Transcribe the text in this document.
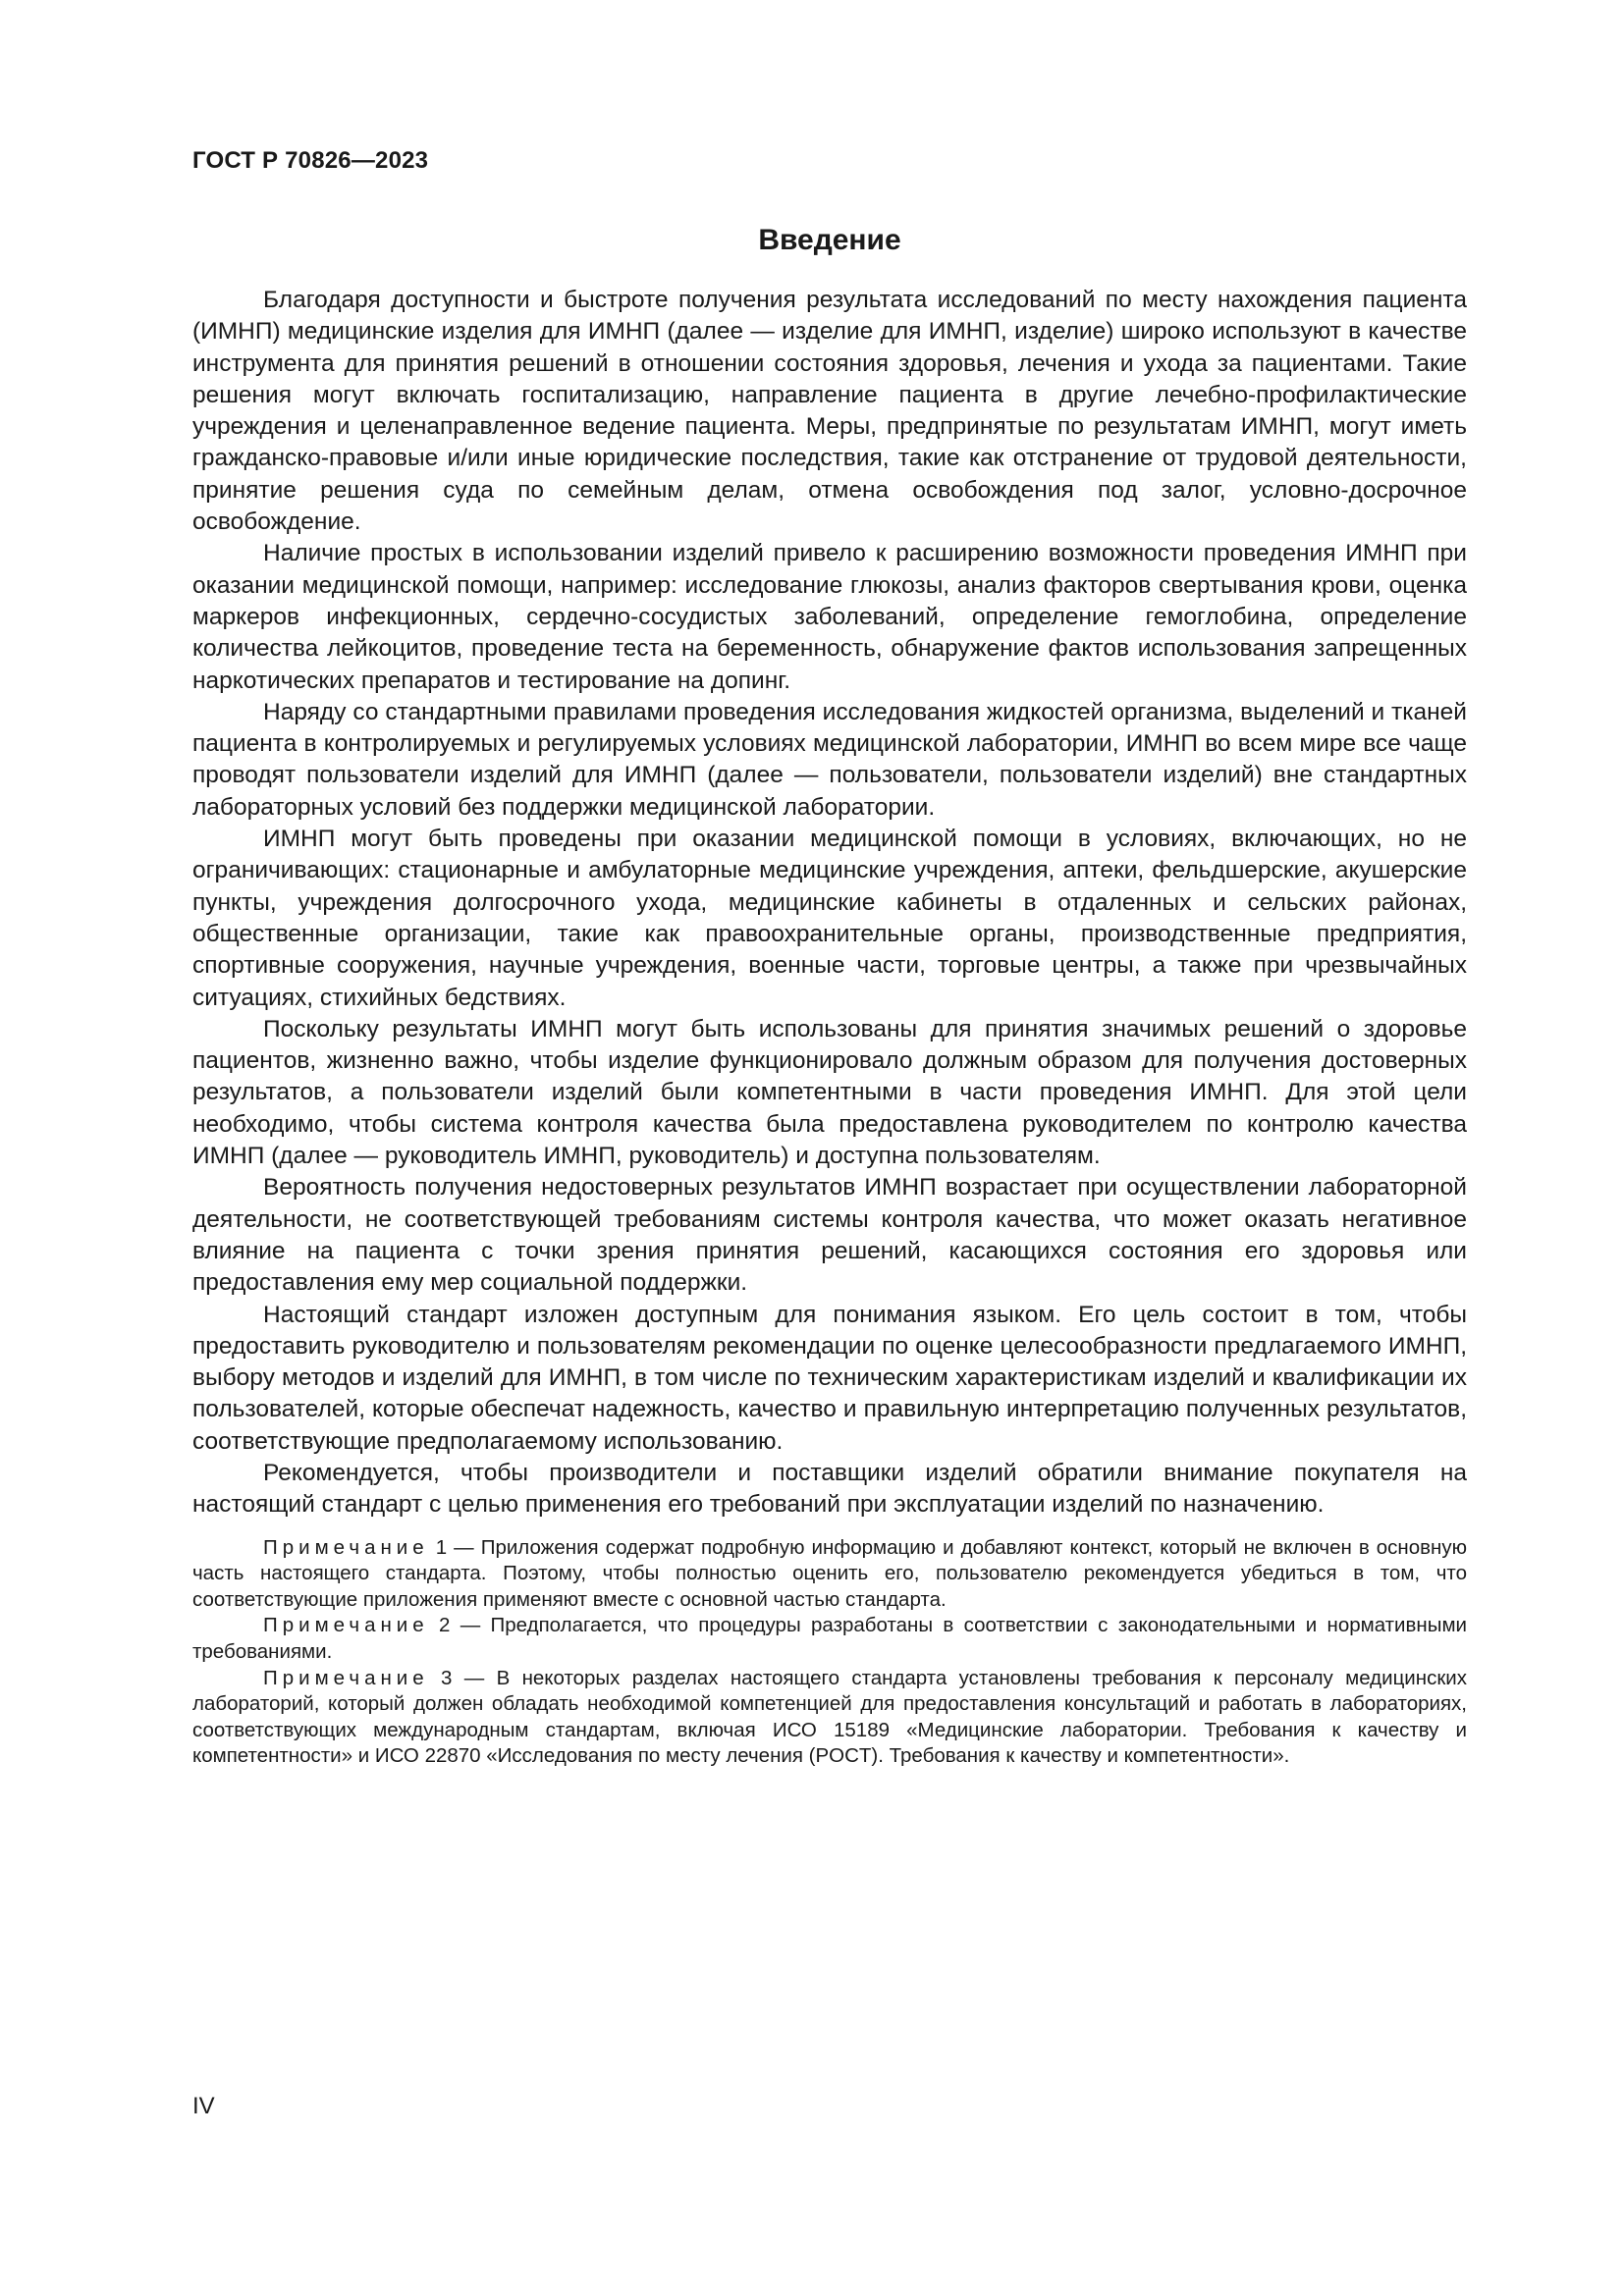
ГОСТ Р 70826—2023
Введение

Благодаря доступности и быстроте получения результата исследований по месту нахождения пациента (ИМНП) медицинские изделия для ИМНП (далее — изделие для ИМНП, изделие) широко используют в качестве инструмента для принятия решений в отношении состояния здоровья, лечения и ухода за пациентами. Такие решения могут включать госпитализацию, направление пациента в другие лечебно-профилактические учреждения и целенаправленное ведение пациента. Меры, предпринятые по результатам ИМНП, могут иметь гражданско-правовые и/или иные юридические последствия, такие как отстранение от трудовой деятельности, принятие решения суда по семейным делам, отмена освобождения под залог, условно-досрочное освобождение.

Наличие простых в использовании изделий привело к расширению возможности проведения ИМНП при оказании медицинской помощи, например: исследование глюкозы, анализ факторов свертывания крови, оценка маркеров инфекционных, сердечно-сосудистых заболеваний, определение гемоглобина, определение количества лейкоцитов, проведение теста на беременность, обнаружение фактов использования запрещенных наркотических препаратов и тестирование на допинг.

Наряду со стандартными правилами проведения исследования жидкостей организма, выделений и тканей пациента в контролируемых и регулируемых условиях медицинской лаборатории, ИМНП во всем мире все чаще проводят пользователи изделий для ИМНП (далее — пользователи, пользователи изделий) вне стандартных лабораторных условий без поддержки медицинской лаборатории.

ИМНП могут быть проведены при оказании медицинской помощи в условиях, включающих, но не ограничивающих: стационарные и амбулаторные медицинские учреждения, аптеки, фельдшерские, акушерские пункты, учреждения долгосрочного ухода, медицинские кабинеты в отдаленных и сельских районах, общественные организации, такие как правоохранительные органы, производственные предприятия, спортивные сооружения, научные учреждения, военные части, торговые центры, а также при чрезвычайных ситуациях, стихийных бедствиях.

Поскольку результаты ИМНП могут быть использованы для принятия значимых решений о здоровье пациентов, жизненно важно, чтобы изделие функционировало должным образом для получения достоверных результатов, а пользователи изделий были компетентными в части проведения ИМНП. Для этой цели необходимо, чтобы система контроля качества была предоставлена руководителем по контролю качества ИМНП (далее — руководитель ИМНП, руководитель) и доступна пользователям.

Вероятность получения недостоверных результатов ИМНП возрастает при осуществлении лабораторной деятельности, не соответствующей требованиям системы контроля качества, что может оказать негативное влияние на пациента с точки зрения принятия решений, касающихся состояния его здоровья или предоставления ему мер социальной поддержки.

Настоящий стандарт изложен доступным для понимания языком. Его цель состоит в том, чтобы предоставить руководителю и пользователям рекомендации по оценке целесообразности предлагаемого ИМНП, выбору методов и изделий для ИМНП, в том числе по техническим характеристикам изделий и квалификации их пользователей, которые обеспечат надежность, качество и правильную интерпретацию полученных результатов, соответствующие предполагаемому использованию.

Рекомендуется, чтобы производители и поставщики изделий обратили внимание покупателя на настоящий стандарт с целью применения его требований при эксплуатации изделий по назначению.

Примечание 1 — Приложения содержат подробную информацию и добавляют контекст, который не включен в основную часть настоящего стандарта. Поэтому, чтобы полностью оценить его, пользователю рекомендуется убедиться в том, что соответствующие приложения применяют вместе с основной частью стандарта.

Примечание 2 — Предполагается, что процедуры разработаны в соответствии с законодательными и нормативными требованиями.

Примечание 3 — В некоторых разделах настоящего стандарта установлены требования к персоналу медицинских лабораторий, который должен обладать необходимой компетенцией для предоставления консультаций и работать в лабораториях, соответствующих международным стандартам, включая ИСО 15189 «Медицинские лаборатории. Требования к качеству и компетентности» и ИСО 22870 «Исследования по месту лечения (POCT). Требования к качеству и компетентности».

IV
